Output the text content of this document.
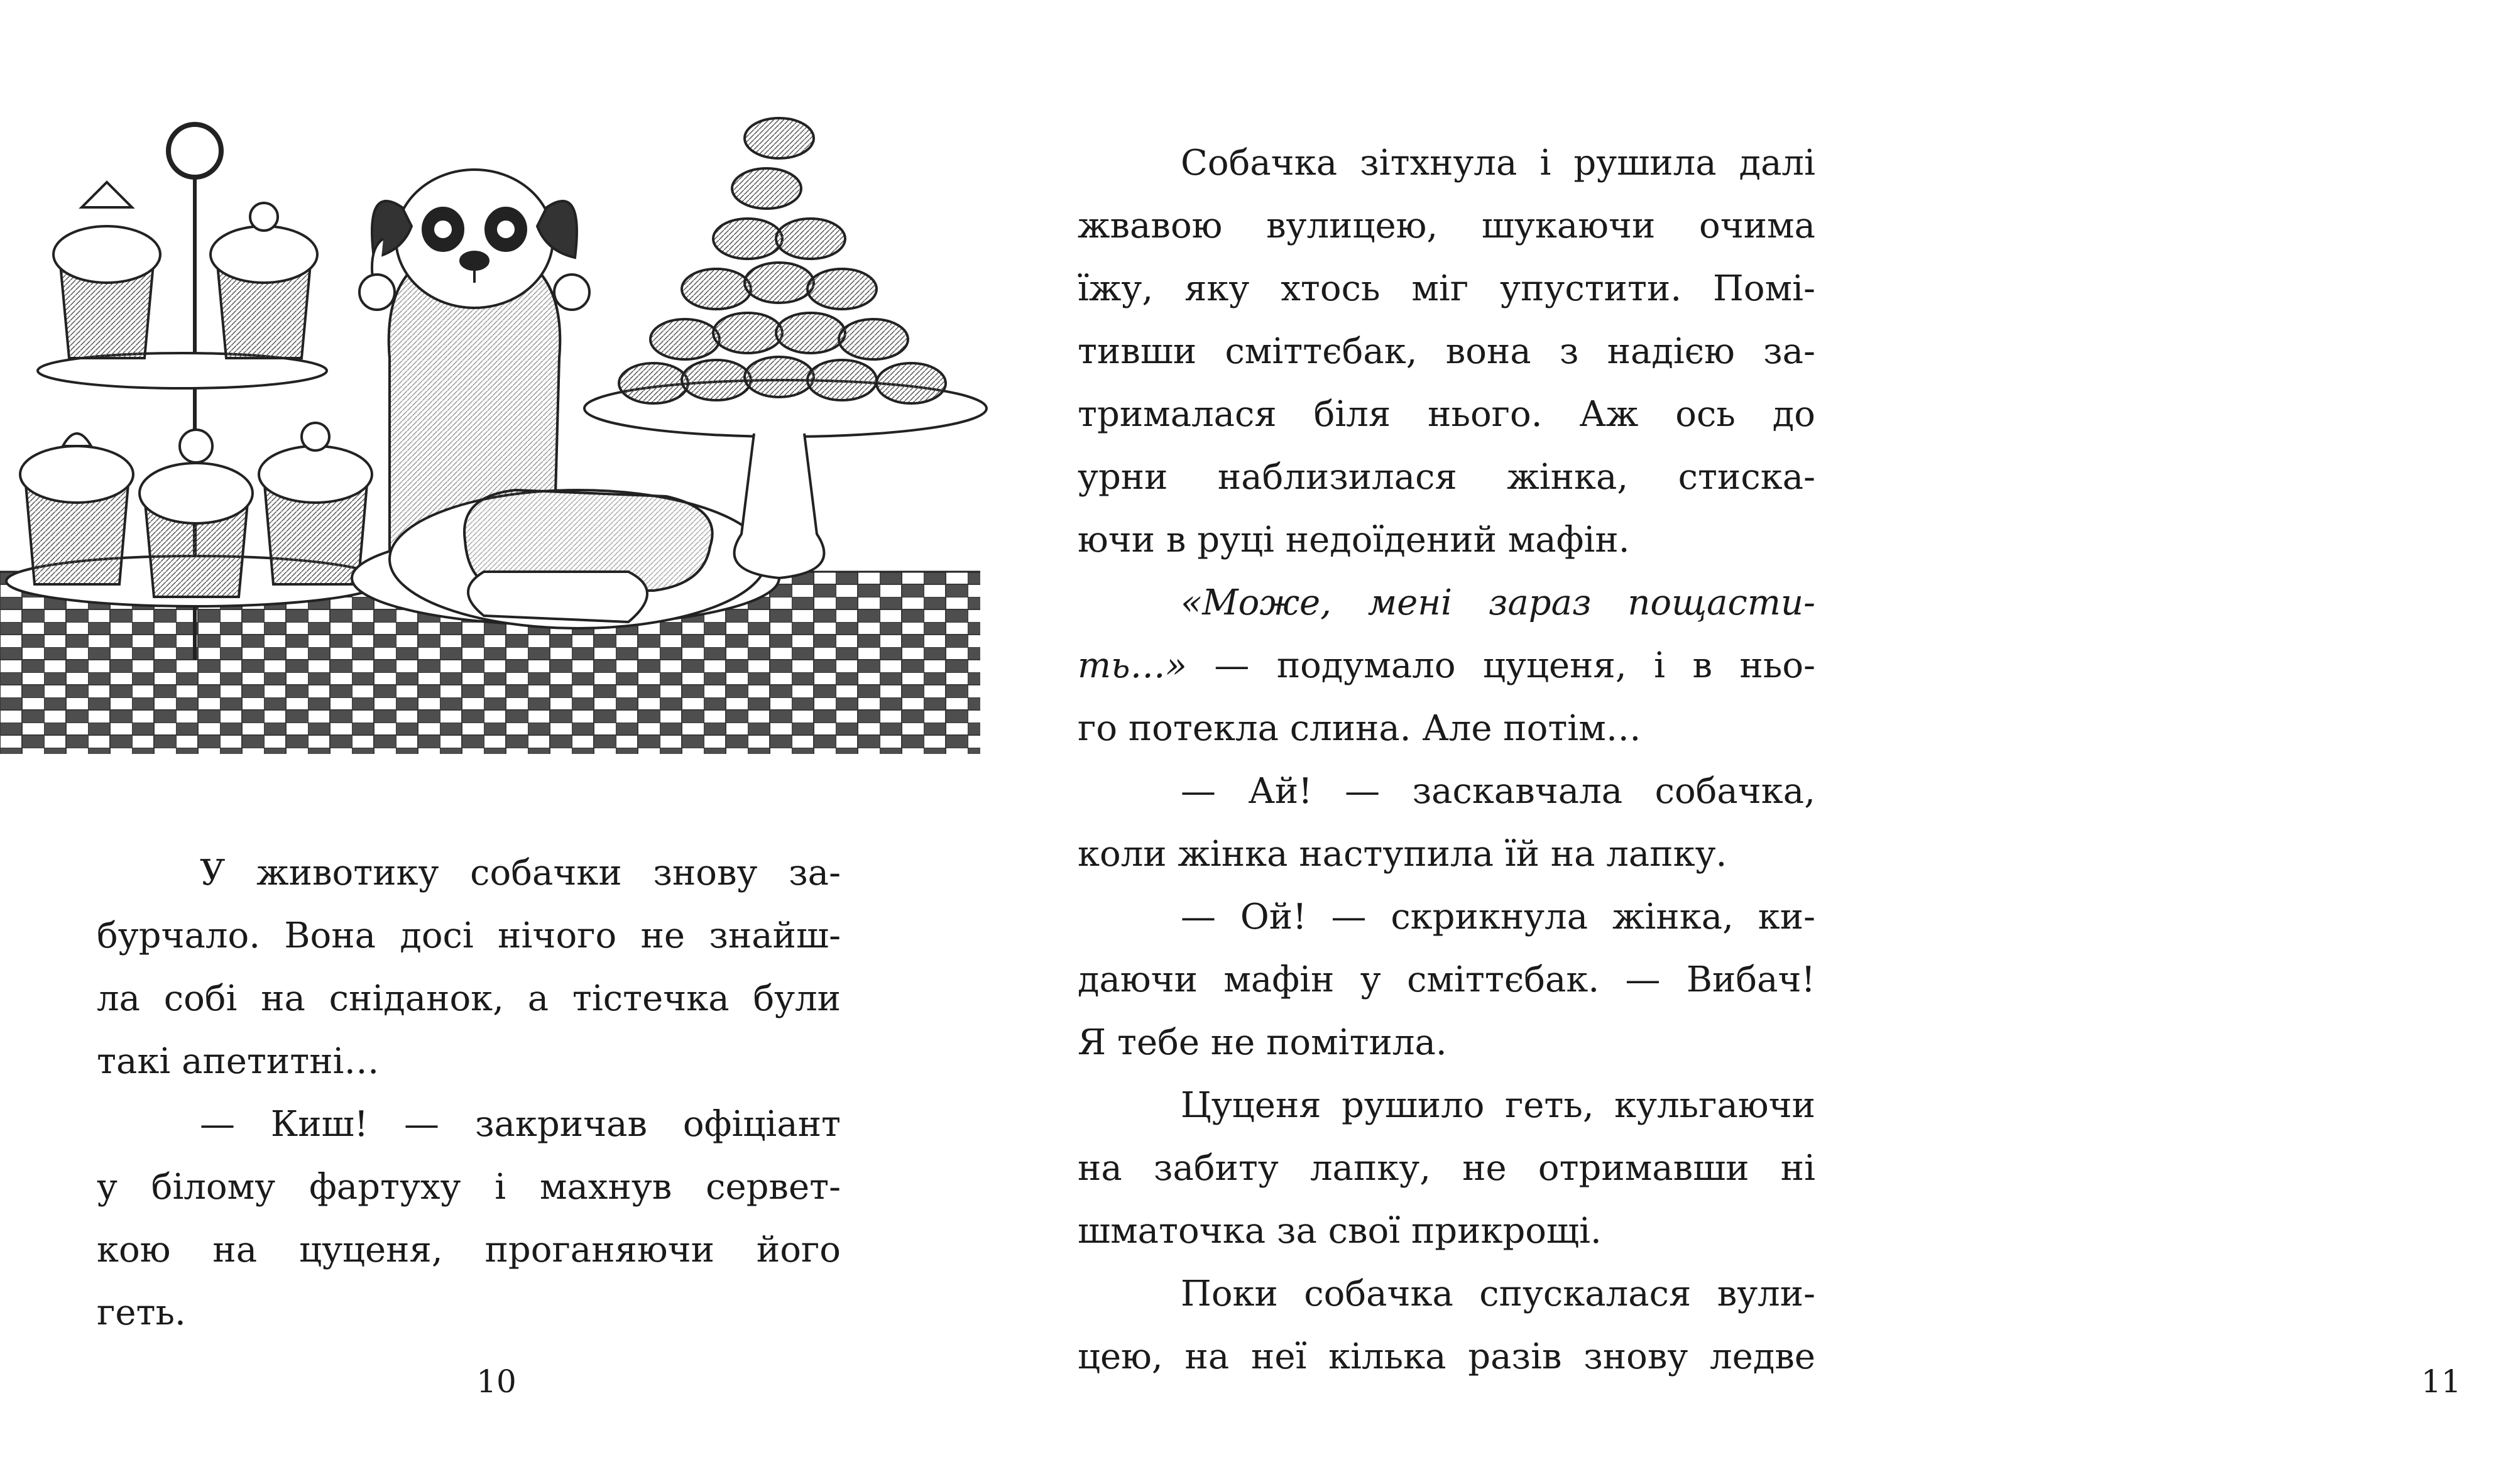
У животику собачки знову за-
бурчало. Вона досі нічого не знайш-
ла собі на сніданок, а тістечка були
такі апетитні…

— Киш! — закричав офіціант
у білому фартуху і махнув сервет-
кою на цуценя, проганяючи його
геть.

10

Собачка зітхнула і рушила далі
жвавою вулицею, шукаючи очима
їжу, яку хтось міг упустити. Помі-
тивши сміттєбак, вона з надією за-
трималася біля нього. Аж ось до
урни наблизилася жінка, стиска-
ючи в руці недоїдений мафін.

«Може, мені зараз пощасти-
ть…» — подумало цуценя, і в ньо-
го потекла слина. Але потім…

— Ай! — заскавчала собачка,
коли жінка наступила їй на лапку.

— Ой! — скрикнула жінка, ки-
даючи мафін у сміттєбак. — Вибач!
Я тебе не помітила.

Цуценя рушило геть, кульгаючи
на забиту лапку, не отримавши ні
шматочка за свої прикрощі.

Поки собачка спускалася вули-
цею, на неї кілька разів знову ледве

11
